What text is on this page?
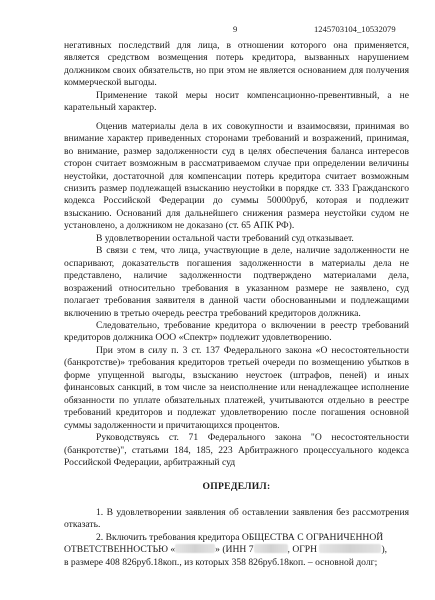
9	1245703104_10532079

негативных последствий для лица, в отношении которого она применяется, является средством возмещения потерь кредитора, вызванных нарушением должником своих обязательств, но при этом не является основанием для получения коммерческой выгоды.

Применение такой меры носит компенсационно-превентивный, а не карательный характер.

Оценив материалы дела в их совокупности и взаимосвязи, принимая во внимание характер приведенных сторонами требований и возражений, принимая, во внимание, размер задолженности суд в целях обеспечения баланса интересов сторон считает возможным в рассматриваемом случае при определении величины неустойки, достаточной для компенсации потерь кредитора считает возможным снизить размер подлежащей взысканию неустойки в порядке ст. 333 Гражданского кодекса Российской Федерации до суммы 50000руб, которая и подлежит взысканию. Оснований для дальнейшего снижения размера неустойки судом не установлено, а должником не доказано (ст. 65 АПК РФ).

В удовлетворении остальной части требований суд отказывает.

В связи с тем, что лица, участвующие в деле, наличие задолженности не оспаривают, доказательств погашения задолженности в материалы дела не представлено, наличие задолженности подтверждено материалами дела, возражений относительно требования в указанном размере не заявлено, суд полагает требования заявителя в данной части обоснованными и подлежащими включению в третью очередь реестра требований кредиторов должника.

Следовательно, требование кредитора о включении в реестр требований кредиторов должника ООО «Спектр» подлежит удовлетворению.

При этом в силу п. 3 ст. 137 Федерального закона «О несостоятельности (банкротстве)» требования кредиторов третьей очереди по возмещению убытков в форме упущенной выгоды, взысканию неустоек (штрафов, пеней) и иных финансовых санкций, в том числе за неисполнение или ненадлежащее исполнение обязанности по уплате обязательных платежей, учитываются отдельно в реестре требований кредиторов и подлежат удовлетворению после погашения основной суммы задолженности и причитающихся процентов.

Руководствуясь ст. 71 Федерального закона "О несостоятельности (банкротстве)", статьями 184, 185, 223 Арбитражного процессуального кодекса Российской Федерации, арбитражный суд

ОПРЕДЕЛИЛ:

1. В удовлетворении заявления об оставлении заявления без рассмотрения отказать.

2. Включить требования кредитора ОБЩЕСТВА С ОГРАНИЧЕННОЙ

ОТВЕТСТВЕННОСТЬЮ «	» (ИНН 7	, ОГРН	),

в размере 408 826руб.18коп., из которых 358 826руб.18коп. – основной долг;
